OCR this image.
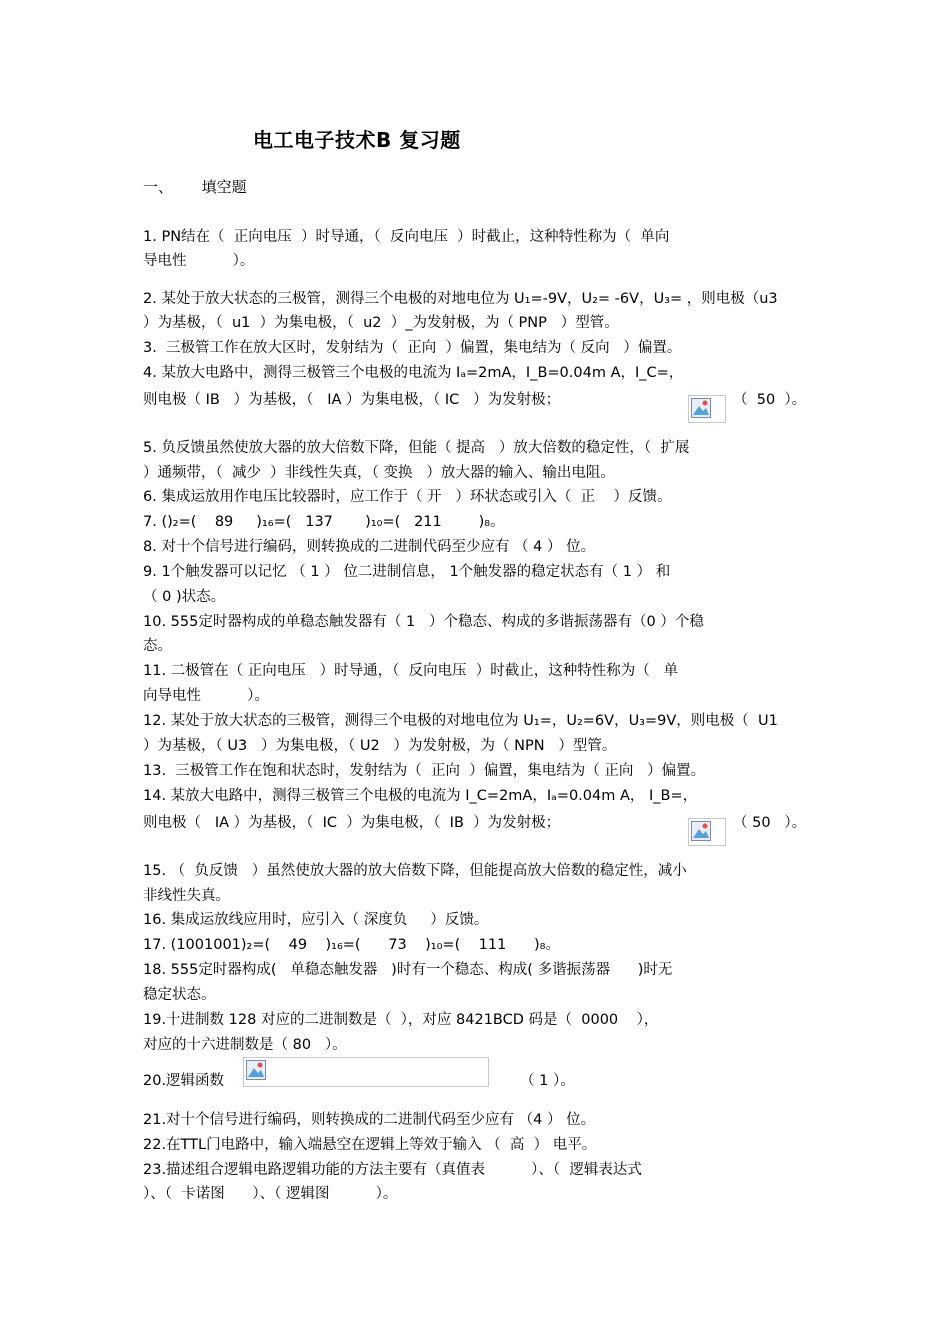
电工电子技术B 复习题
一、      填空题
1. PN结在（  正向电压  ）时导通，（  反向电压  ）时截止，这种特性称为（  单向
导电性          ）。
2. 某处于放大状态的三极管，测得三个电极的对地电位为 U₁=-9V，U₂= -6V，U₃= ，则电极（u3
）为基极，（  u1  ）为集电极，（  u2  ）_为发射极，为（ PNP   ）型管。
3.  三极管工作在放大区时，发射结为（  正向  ）偏置，集电结为（ 反向   ）偏置。
4. 某放大电路中，测得三极管三个电极的电流为 Iₐ=2mA，I_B=0.04m A，I_C=，
则电极（ IB   ）为基极，（   IA ）为集电极，（ IC   ）为发射极；	（  50  ）。
5. 负反馈虽然使放大器的放大倍数下降，但能（ 提高   ）放大倍数的稳定性，（  扩展
）通频带，（  减少  ）非线性失真，（ 变换   ）放大器的输入、输出电阻。
6. 集成运放用作电压比较器时，应工作于（ 开   ）环状态或引入（  正    ）反馈。
7. ()₂=(    89     )₁₆=(   137       )₁₀=(   211        )₈。
8. 对十个信号进行编码，则转换成的二进制代码至少应有 （ 4 ） 位。
9. 1个触发器可以记忆 （ 1 ） 位二进制信息， 1个触发器的稳定状态有（ 1 ） 和
（ 0 )状态。
10. 555定时器构成的单稳态触发器有（ 1   ）个稳态、构成的多谐振荡器有（0 ）个稳
态。
11. 二极管在（ 正向电压   ）时导通，（  反向电压  ）时截止，这种特性称为（   单
向导电性          ）。
12. 某处于放大状态的三极管，测得三个电极的对地电位为 U₁=，U₂=6V，U₃=9V，则电极（  U1
）为基极，（ U3   ）为集电极，（ U2   ）为发射极，为（ NPN   ）型管。
13.  三极管工作在饱和状态时，发射结为（  正向  ）偏置，集电结为（ 正向   ）偏置。
14. 某放大电路中，测得三极管三个电极的电流为 I_C=2mA，Iₐ=0.04m A， I_B=，
则电极（   IA ）为基极，（  IC  ）为集电极，（  IB  ）为发射极；	（ 50   ）。
15. （  负反馈   ）虽然使放大器的放大倍数下降，但能提高放大倍数的稳定性，减小
非线性失真。
16. 集成运放线应用时，应引入（ 深度负     ）反馈。
17. (1001001)₂=(    49    )₁₆=(      73    )₁₀=(    111      )₈。
18. 555定时器构成(   单稳态触发器   )时有一个稳态、构成( 多谐振荡器      )时无
稳定状态。
19.十进制数 128 对应的二进制数是（  ），对应 8421BCD 码是（  0000    ），
对应的十六进制数是（ 80   ）。
20.逻辑函数	（ 1 ）。
21.对十个信号进行编码，则转换成的二进制代码至少应有 （4 ） 位。
22.在TTL门电路中，输入端悬空在逻辑上等效于输入 （  高  ） 电平。
23.描述组合逻辑电路逻辑功能的方法主要有（真值表          ）、（  逻辑表达式
）、（  卡诺图      ）、（ 逻辑图          ）。
